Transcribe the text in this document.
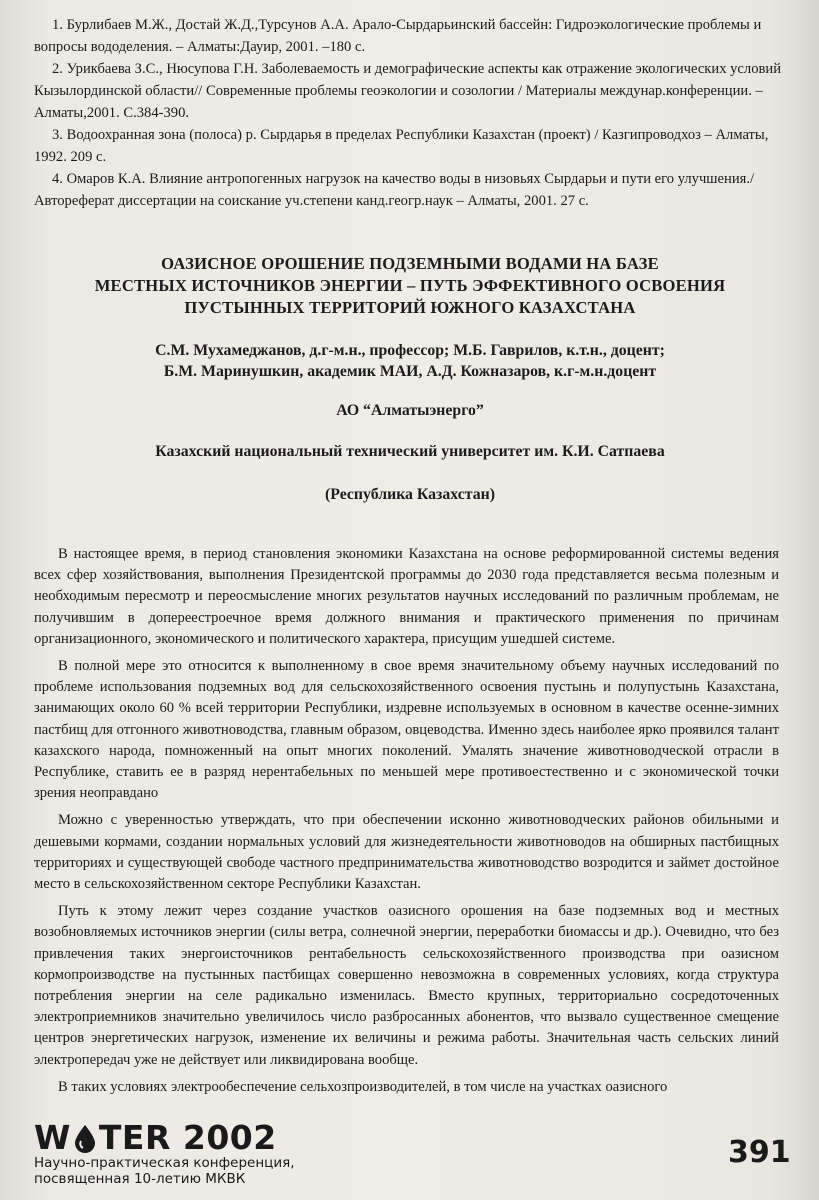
1. Бурлибаев М.Ж., Достай Ж.Д.,Турсунов А.А. Арало-Сырдарьинский бассейн: Гидроэкологические проблемы и вопросы вододеления. – Алматы:Дауир, 2001. –180 с.

2. Урикбаева З.С., Нюсупова Г.Н. Заболеваемость и демографические аспекты как отражение экологических условий Кызылординской области// Современные проблемы геоэкологии и созологии / Материалы междунар.конференции. –Алматы,2001. С.384-390.

3. Водоохранная зона (полоса) р. Сырдарья в пределах Республики Казахстан (проект) / Казгипроводхоз – Алматы, 1992. 209 с.

4. Омаров К.А. Влияние антропогенных нагрузок на качество воды в низовьях Сырдарьи и пути его улучшения./ Автореферат диссертации на соискание уч.степени канд.геогр.наук – Алматы, 2001. 27 с.

ОАЗИСНОЕ ОРОШЕНИЕ ПОДЗЕМНЫМИ ВОДАМИ НА БАЗЕ
МЕСТНЫХ ИСТОЧНИКОВ ЭНЕРГИИ – ПУТЬ ЭФФЕКТИВНОГО ОСВОЕНИЯ
ПУСТЫННЫХ ТЕРРИТОРИЙ ЮЖНОГО КАЗАХСТАНА
С.М. Мухамеджанов, д.г-м.н., профессор; М.Б. Гаврилов, к.т.н., доцент;
Б.М. Маринушкин, академик МАИ, А.Д. Кожназаров, к.г-м.н.доцент
АО “Алматыэнерго”
Казахский национальный технический университет им. К.И. Сатпаева
(Республика Казахстан)

В настоящее время, в период становления экономики Казахстана на основе реформированной системы ведения всех сфер хозяйствования, выполнения Президентской программы до 2030 года представляется весьма полезным и необходимым пересмотр и переосмысление многих результатов научных исследований по различным проблемам, не получившим в допереестроечное время должного внимания и практического применения по причинам организационного, экономического и политического характера, присущим ушедшей системе.

В полной мере это относится к выполненному в свое время значительному объему научных исследований по проблеме использования подземных вод для сельскохозяйственного освоения пустынь и полупустынь Казахстана, занимающих около 60 % всей территории Республики, издревне используемых в основном в качестве осенне-зимних пастбищ для отгонного животноводства, главным образом, овцеводства. Именно здесь наиболее ярко проявился талант казахского народа, помноженный на опыт многих поколений. Умалять значение животноводческой отрасли в Республике, ставить ее в разряд нерентабельных по меньшей мере противоестественно и с экономической точки зрения неоправдано

Можно с уверенностью утверждать, что при обеспечении исконно животноводческих районов обильными и дешевыми кормами, создании нормальных условий для жизнедеятельности животноводов на обширных пастбищных территориях и существующей свободе частного предпринимательства животноводство возродится и займет достойное место в сельскохозяйственном секторе Республики Казахстан.

Путь к этому лежит через создание участков оазисного орошения на базе подземных вод и местных возобновляемых источников энергии (силы ветра, солнечной энергии, переработки биомассы и др.). Очевидно, что без привлечения таких энергоисточников рентабельность сельскохозяйственного производства при оазисном кормопроизводстве на пустынных пастбищах совершенно невозможна в современных условиях, когда структура потребления энергии на селе радикально изменилась. Вместо крупных, территориально сосредоточенных электроприемников значительно увеличилось число разбросанных абонентов, что вызвало существенное смещение центров энергетических нагрузок, изменение их величины и режима работы. Значительная часть сельских линий электропередач уже не действует или ликвидирована вообще.

В таких условиях электрообеспечение сельхозпроизводителей, в том числе на участках оазисного

W TER 2002
Научно-практическая конференция,
посвященная 10-летию МКВК
391
